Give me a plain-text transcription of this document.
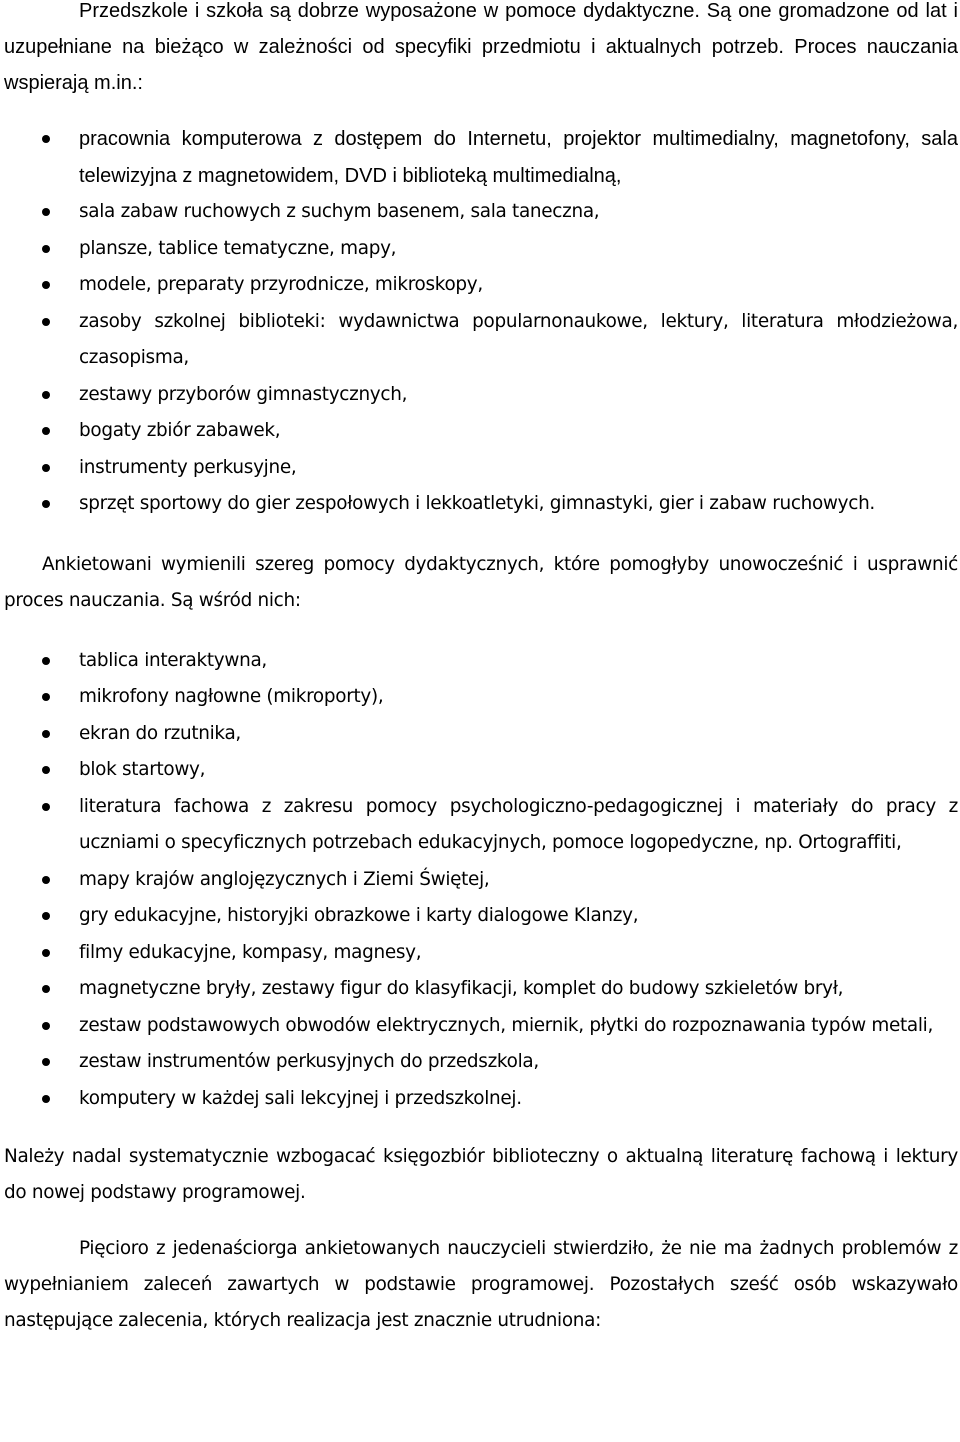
Przedszkole i szkoła są dobrze wyposażone w pomoce dydaktyczne. Są one gromadzone od lat i uzupełniane na bieżąco w zależności od specyfiki przedmiotu i aktualnych potrzeb. Proces nauczania wspierają m.in.:

pracownia komputerowa z dostępem do Internetu, projektor multimedialny, magnetofony, sala telewizyjna z magnetowidem, DVD i biblioteką multimedialną,
sala zabaw ruchowych z suchym basenem, sala taneczna,
plansze, tablice tematyczne, mapy,
modele, preparaty przyrodnicze, mikroskopy,
zasoby szkolnej biblioteki: wydawnictwa popularnonaukowe, lektury, literatura młodzieżowa, czasopisma,
zestawy przyborów gimnastycznych,
bogaty zbiór zabawek,
instrumenty perkusyjne,
sprzęt sportowy do gier zespołowych i lekkoatletyki, gimnastyki, gier i zabaw ruchowych.

Ankietowani wymienili szereg pomocy dydaktycznych, które pomogłyby unowocześnić i usprawnić proces nauczania. Są wśród nich:

tablica interaktywna,
mikrofony nagłowne (mikroporty),
ekran do rzutnika,
blok startowy,
literatura fachowa z zakresu pomocy psychologiczno-pedagogicznej i materiały do pracy z uczniami o specyficznych potrzebach edukacyjnych, pomoce logopedyczne, np. Ortograffiti,
mapy krajów anglojęzycznych i Ziemi Świętej,
gry edukacyjne, historyjki obrazkowe i karty dialogowe Klanzy,
filmy edukacyjne, kompasy, magnesy,
magnetyczne bryły, zestawy figur do klasyfikacji, komplet do budowy szkieletów brył,
zestaw podstawowych obwodów elektrycznych, miernik, płytki do rozpoznawania typów metali,
zestaw instrumentów perkusyjnych do przedszkola,
komputery w każdej sali lekcyjnej i przedszkolnej.

Należy nadal systematycznie wzbogacać księgozbiór biblioteczny o aktualną literaturę fachową i lektury do nowej podstawy programowej.

Pięcioro z jedenaściorga ankietowanych nauczycieli stwierdziło, że nie ma żadnych problemów z wypełnianiem zaleceń zawartych w podstawie programowej. Pozostałych sześć osób wskazywało następujące zalecenia, których realizacja jest znacznie utrudniona:
